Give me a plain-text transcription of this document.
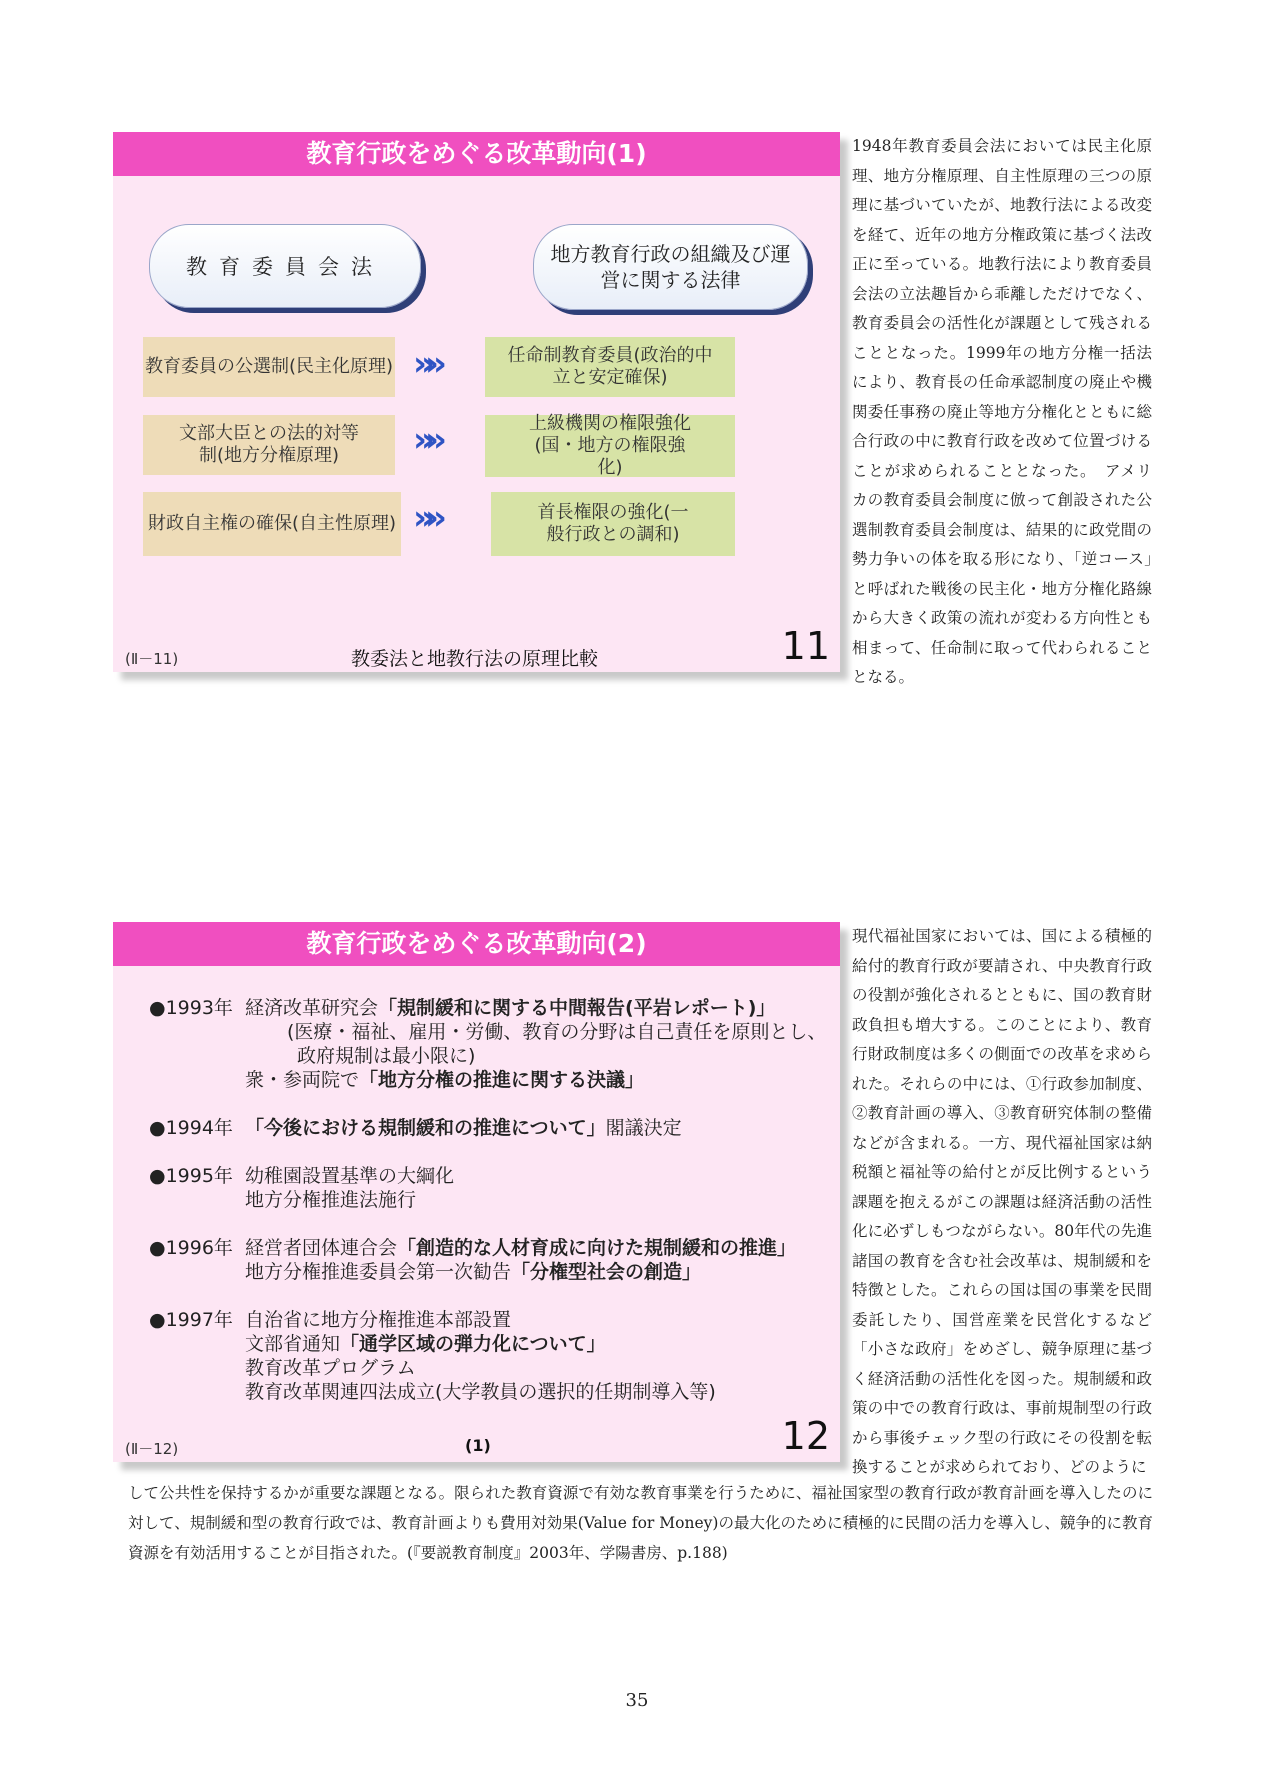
教育行政をめぐる改革動向(1)
教育委員会法
地方教育行政の組織及び運営に関する法律
教育委員の公選制(民主化原理) »»	任命制教育委員(政治的中立と安定確保)
文部大臣との法的対等制(地方分権原理)	»»	上級機関の権限強化(国・地方の権限強化)
財政自主権の確保(自主性原理) »»	首長権限の強化(一般行政との調和)
(Ⅱ－11)	教委法と地教行法の原理比較	11
1948年教育委員会法においては民主化原理、地方分権原理、自主性原理の三つの原理に基づいていたが、地教行法による改変を経て、近年の地方分権政策に基づく法改正に至っている。地教行法により教育委員会法の立法趣旨から乖離しただけでなく、教育委員会の活性化が課題として残されることとなった。1999年の地方分権一括法により、教育長の任命承認制度の廃止や機関委任事務の廃止等地方分権化とともに総合行政の中に教育行政を改めて位置づけることが求められることとなった。　アメリカの教育委員会制度に倣って創設された公選制教育委員会制度は、結果的に政党間の勢力争いの体を取る形になり、「逆コース」と呼ばれた戦後の民主化・地方分権化路線から大きく政策の流れが変わる方向性とも相まって、任命制に取って代わられることとなる。
教育行政をめぐる改革動向(2)
●1993年 経済改革研究会「規制緩和に関する中間報告(平岩レポート)」
(医療・福祉、雇用・労働、教育の分野は自己責任を原則とし、
政府規制は最小限に)
衆・参両院で「地方分権の推進に関する決議」
●1994年 「今後における規制緩和の推進について」閣議決定
●1995年 幼稚園設置基準の大綱化
地方分権推進法施行
●1996年 経営者団体連合会「創造的な人材育成に向けた規制緩和の推進」
地方分権推進委員会第一次勧告「分権型社会の創造」
●1997年 自治省に地方分権推進本部設置
文部省通知「通学区域の弾力化について」
教育改革プログラム
教育改革関連四法成立(大学教員の選択的任期制導入等)
(Ⅱ－12)	(1)	12
現代福祉国家においては、国による積極的給付的教育行政が要請され、中央教育行政の役割が強化されるとともに、国の教育財政負担も増大する。このことにより、教育行財政制度は多くの側面での改革を求められた。それらの中には、①行政参加制度、②教育計画の導入、③教育研究体制の整備などが含まれる。一方、現代福祉国家は納税額と福祉等の給付とが反比例するという課題を抱えるがこの課題は経済活動の活性化に必ずしもつながらない。80年代の先進諸国の教育を含む社会改革は、規制緩和を特徴とした。これらの国は国の事業を民間委託したり、国営産業を民営化するなど「小さな政府」をめざし、競争原理に基づく経済活動の活性化を図った。規制緩和政策の中での教育行政は、事前規制型の行政から事後チェック型の行政にその役割を転換することが求められており、どのように
して公共性を保持するかが重要な課題となる。限られた教育資源で有効な教育事業を行うために、福祉国家型の教育行政が教育計画を導入したのに対して、規制緩和型の教育行政では、教育計画よりも費用対効果(Value for Money)の最大化のために積極的に民間の活力を導入し、競争的に教育資源を有効活用することが目指された。(『要説教育制度』2003年、学陽書房、p.188)
35
